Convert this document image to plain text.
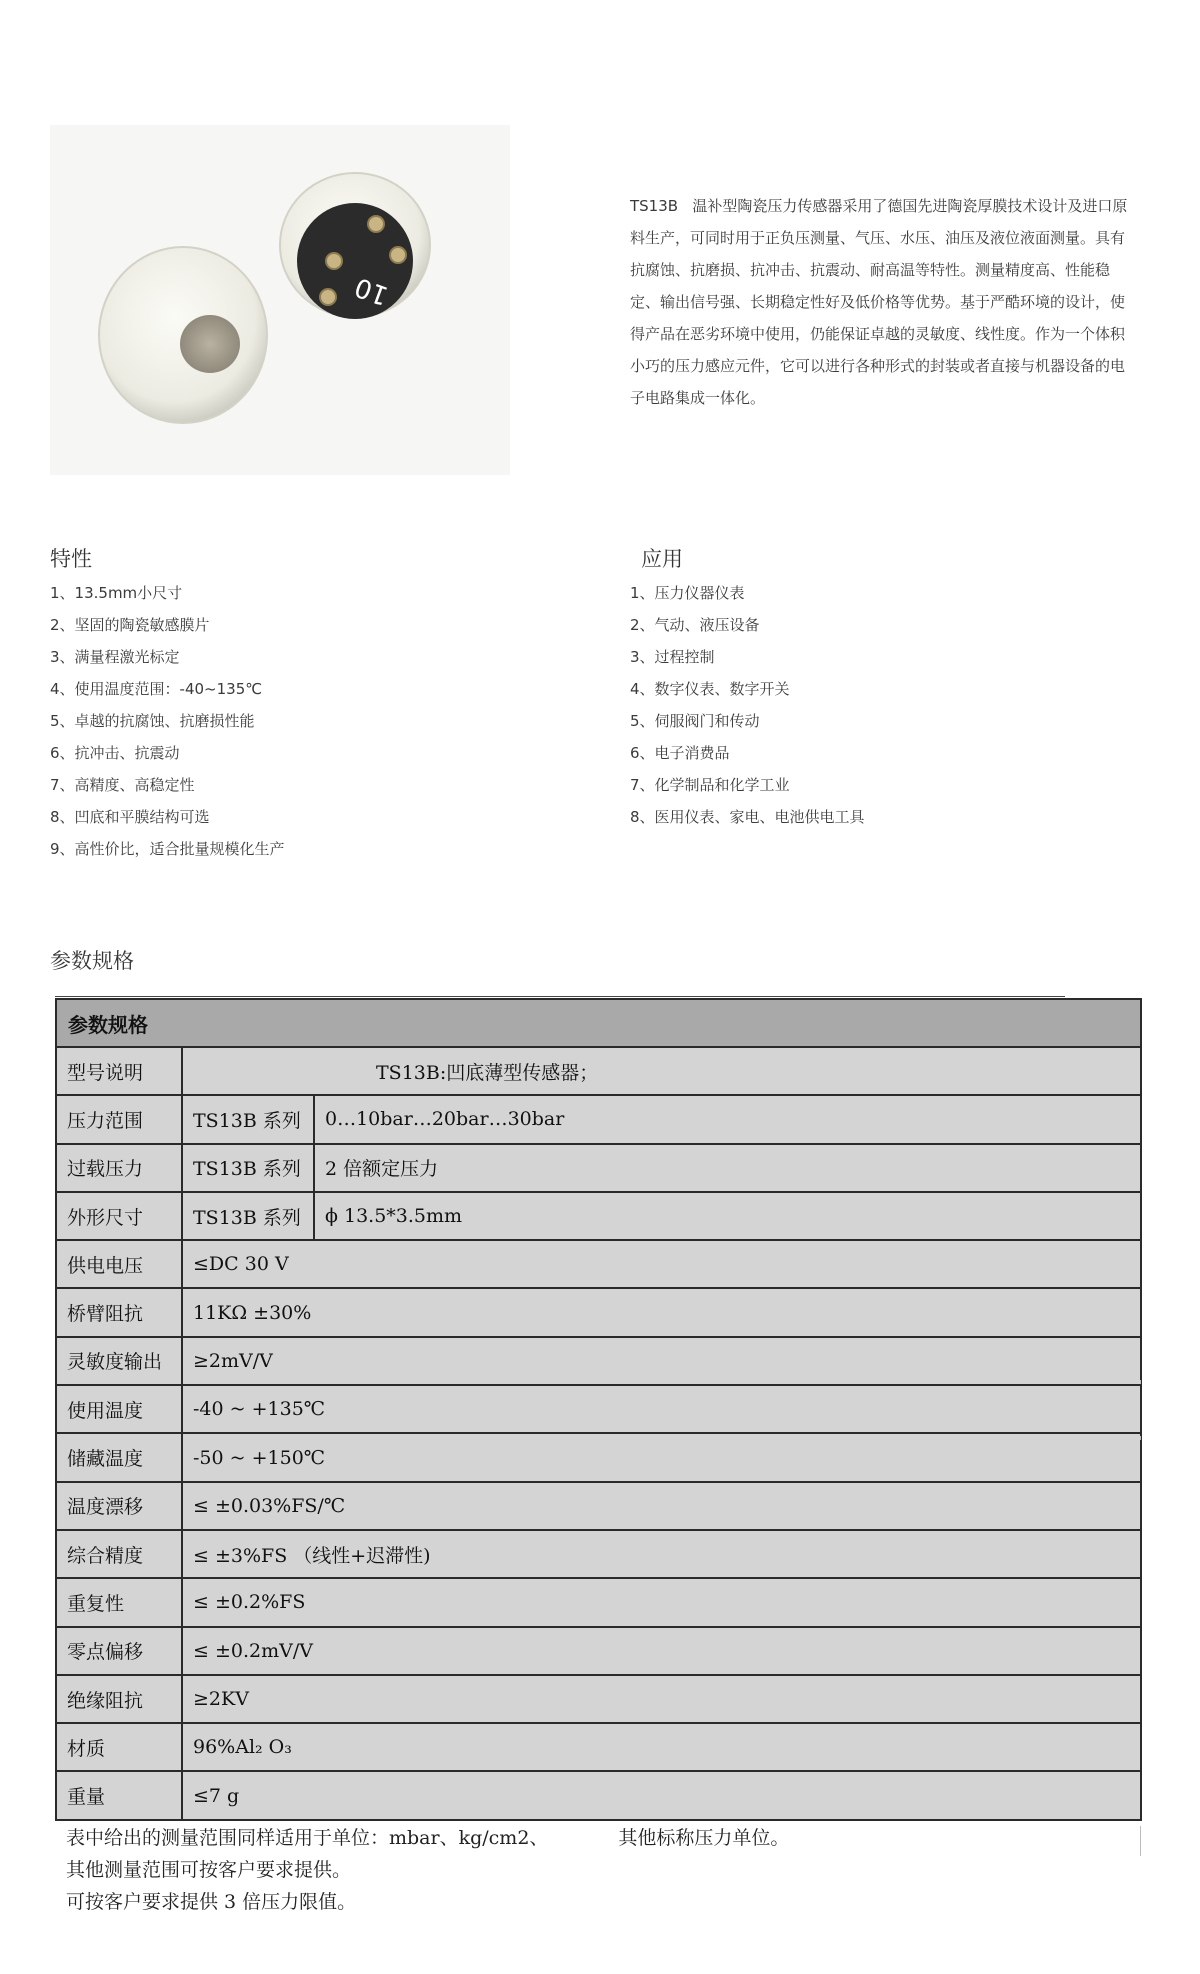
10
TS13B 温补型陶瓷压力传感器采用了德国先进陶瓷厚膜技术设计及进口原料生产，可同时用于正负压测量、气压、水压、油压及液位液面测量。具有抗腐蚀、抗磨损、抗冲击、抗震动、耐高温等特性。测量精度高、性能稳定、输出信号强、长期稳定性好及低价格等优势。基于严酷环境的设计，使得产品在恶劣环境中使用，仍能保证卓越的灵敏度、线性度。作为一个体积小巧的压力感应元件，它可以进行各种形式的封装或者直接与机器设备的电子电路集成一体化。
特性
1、13.5mm小尺寸
2、坚固的陶瓷敏感膜片
3、满量程激光标定
4、使用温度范围：-40~135℃
5、卓越的抗腐蚀、抗磨损性能
6、抗冲击、抗震动
7、高精度、高稳定性
8、凹底和平膜结构可选
9、高性价比，适合批量规模化生产
应用
1、压力仪器仪表
2、气动、液压设备
3、过程控制
4、数字仪表、数字开关
5、伺服阀门和传动
6、电子消费品
7、化学制品和化学工业
8、医用仪表、家电、电池供电工具
参数规格
参数规格
型号说明	TS13B:凹底薄型传感器；
压力范围	TS13B 系列	0…10bar…20bar…30bar
过载压力	TS13B 系列	2 倍额定压力
外形尺寸	TS13B 系列	ϕ 13.5*3.5mm
供电电压	≤DC 30 V
桥臂阻抗	11KΩ ±30%
灵敏度输出	≥2mV/V
使用温度	-40 ~ +135℃
储藏温度	-50 ~ +150℃
温度漂移	≤ ±0.03%FS/℃
综合精度	≤ ±3%FS （线性+迟滞性)
重复性	≤ ±0.2%FS
零点偏移	≤ ±0.2mV/V
绝缘阻抗	≥2KV
材质	96%Al₂ O₃
重量	≤7 g
表中给出的测量范围同样适用于单位：mbar、kg/cm2、	其他标称压力单位。
其他测量范围可按客户要求提供。
可按客户要求提供 3 倍压力限值。
